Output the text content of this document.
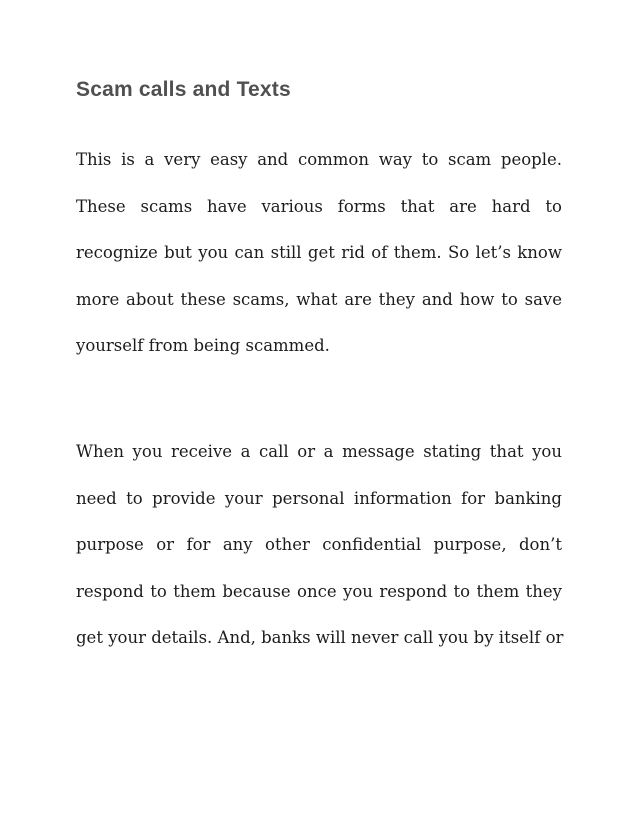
Scam calls and Texts
This is a very easy and common way to scam people.
These scams have various forms that are hard to
recognize but you can still get rid of them. So let’s know
more about these scams, what are they and how to save
yourself from being scammed.
When you receive a call or a message stating that you
need to provide your personal information for banking
purpose or for any other confidential purpose, don’t
respond to them because once you respond to them they
get your details. And, banks will never call you by itself or
